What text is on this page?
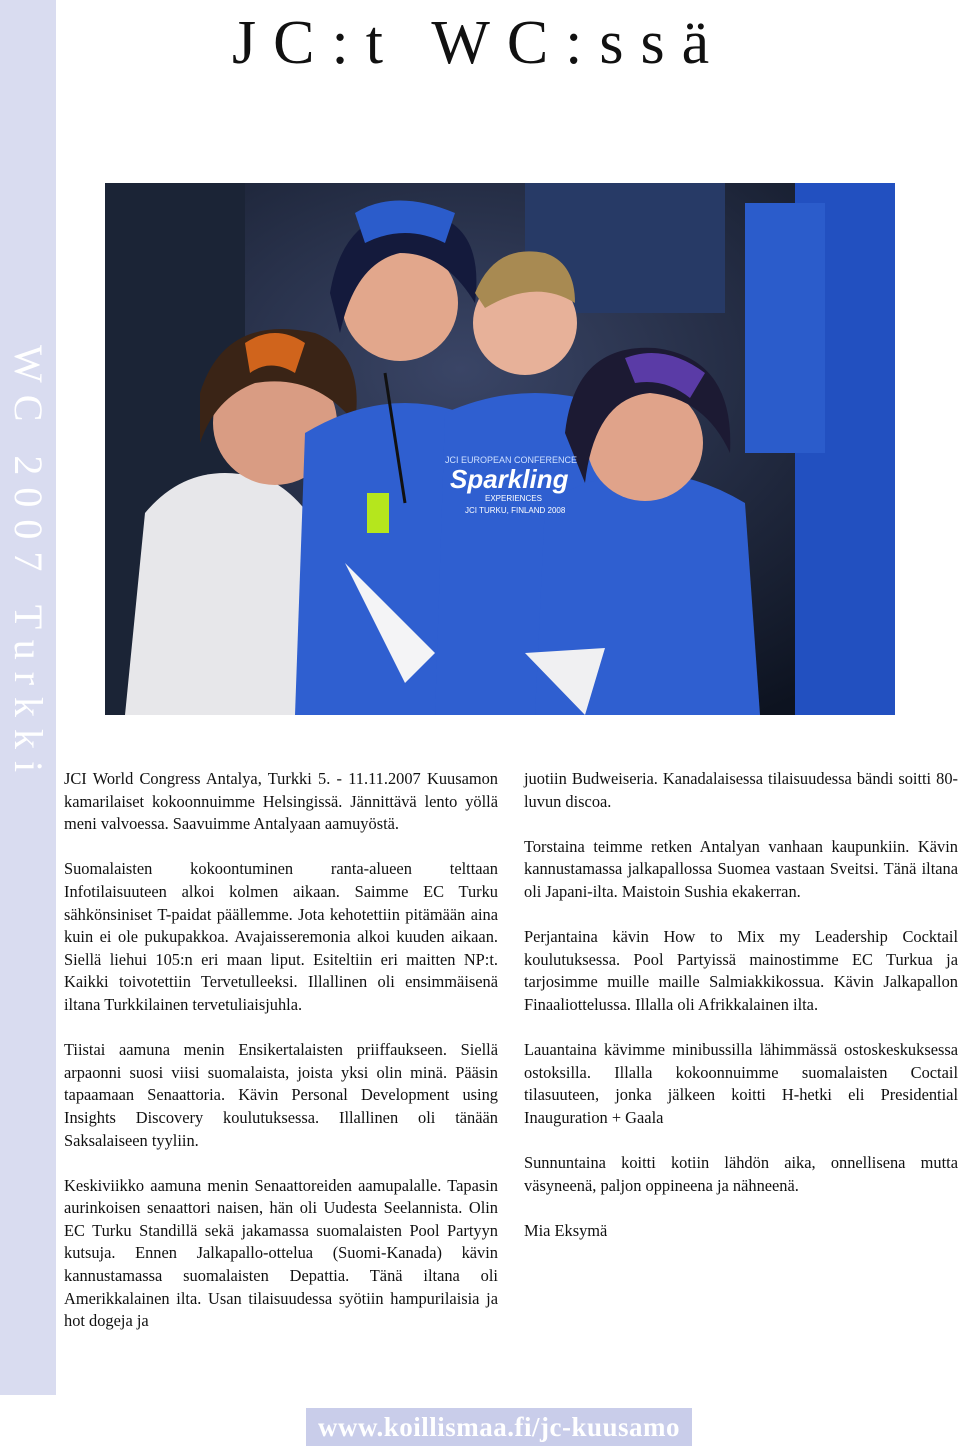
WC 2007 Turkki
JC:t WC:ssä
JCI EUROPEAN CONFERENCE
Sparkling
EXPERIENCES
JCI TURKU, FINLAND 2008

JCI World Congress Antalya, Turkki 5. - 11.11.2007 Kuusamon kamarilaiset kokoonnuimme Helsingissä. Jännittävä lento yöllä meni valvoessa. Saavuimme Antalyaan aamuyöstä.

Suomalaisten kokoontuminen ranta-alueen telttaan Infotilaisuuteen alkoi kolmen aikaan. Saimme EC Turku sähkönsiniset T-paidat päällemme. Jota kehotettiin pitämään aina kuin ei ole pukupakkoa. Avajaisseremonia alkoi kuuden aikaan. Siellä liehui 105:n eri maan liput. Esiteltiin eri maitten NP:t. Kaikki toivotettiin Tervetulleeksi. Illallinen oli ensimmäisenä iltana Turkkilainen tervetuliaisjuhla.

Tiistai aamuna menin Ensikertalaisten priiffaukseen. Siellä arpaonni suosi viisi suomalaista, joista yksi olin minä. Pääsin tapaamaan Senaattoria. Kävin Personal Development using Insights Discovery koulutuksessa. Illallinen oli tänään Saksalaiseen tyyliin.

Keskiviikko aamuna menin Senaattoreiden aamupalalle. Tapasin aurinkoisen senaattori naisen, hän oli Uudesta Seelannista. Olin EC Turku Standillä sekä jakamassa suomalaisten Pool Partyyn kutsuja. Ennen Jalkapallo-ottelua (Suomi-Kanada) kävin kannustamassa suomalaisten Depattia. Tänä iltana oli Amerikkalainen ilta. Usan tilaisuudessa syötiin hampurilaisia ja hot dogeja ja

juotiin Budweiseria. Kanadalaisessa tilaisuudessa bändi soitti 80-luvun discoa.

Torstaina teimme retken Antalyan vanhaan kaupunkiin. Kävin kannustamassa jalkapallossa Suomea vastaan Sveitsi. Tänä iltana oli Japani-ilta. Maistoin Sushia ekakerran.

Perjantaina kävin How to Mix my Leadership Cocktail koulutuksessa. Pool Partyissä mainostimme EC Turkua ja tarjosimme muille maille Salmiakkikossua. Kävin Jalkapallon Finaaliottelussa. Illalla oli Afrikkalainen ilta.

Lauantaina kävimme minibussilla lähimmässä ostoskeskuksessa ostoksilla. Illalla kokoonnuimme suomalaisten Coctail tilasuuteen, jonka jälkeen koitti H-hetki eli Presidential Inauguration + Gaala

Sunnuntaina koitti kotiin lähdön aika, onnellisena mutta väsyneenä, paljon oppineena ja nähneenä.

Mia Eksymä

www.koillismaa.fi/jc-kuusamo
